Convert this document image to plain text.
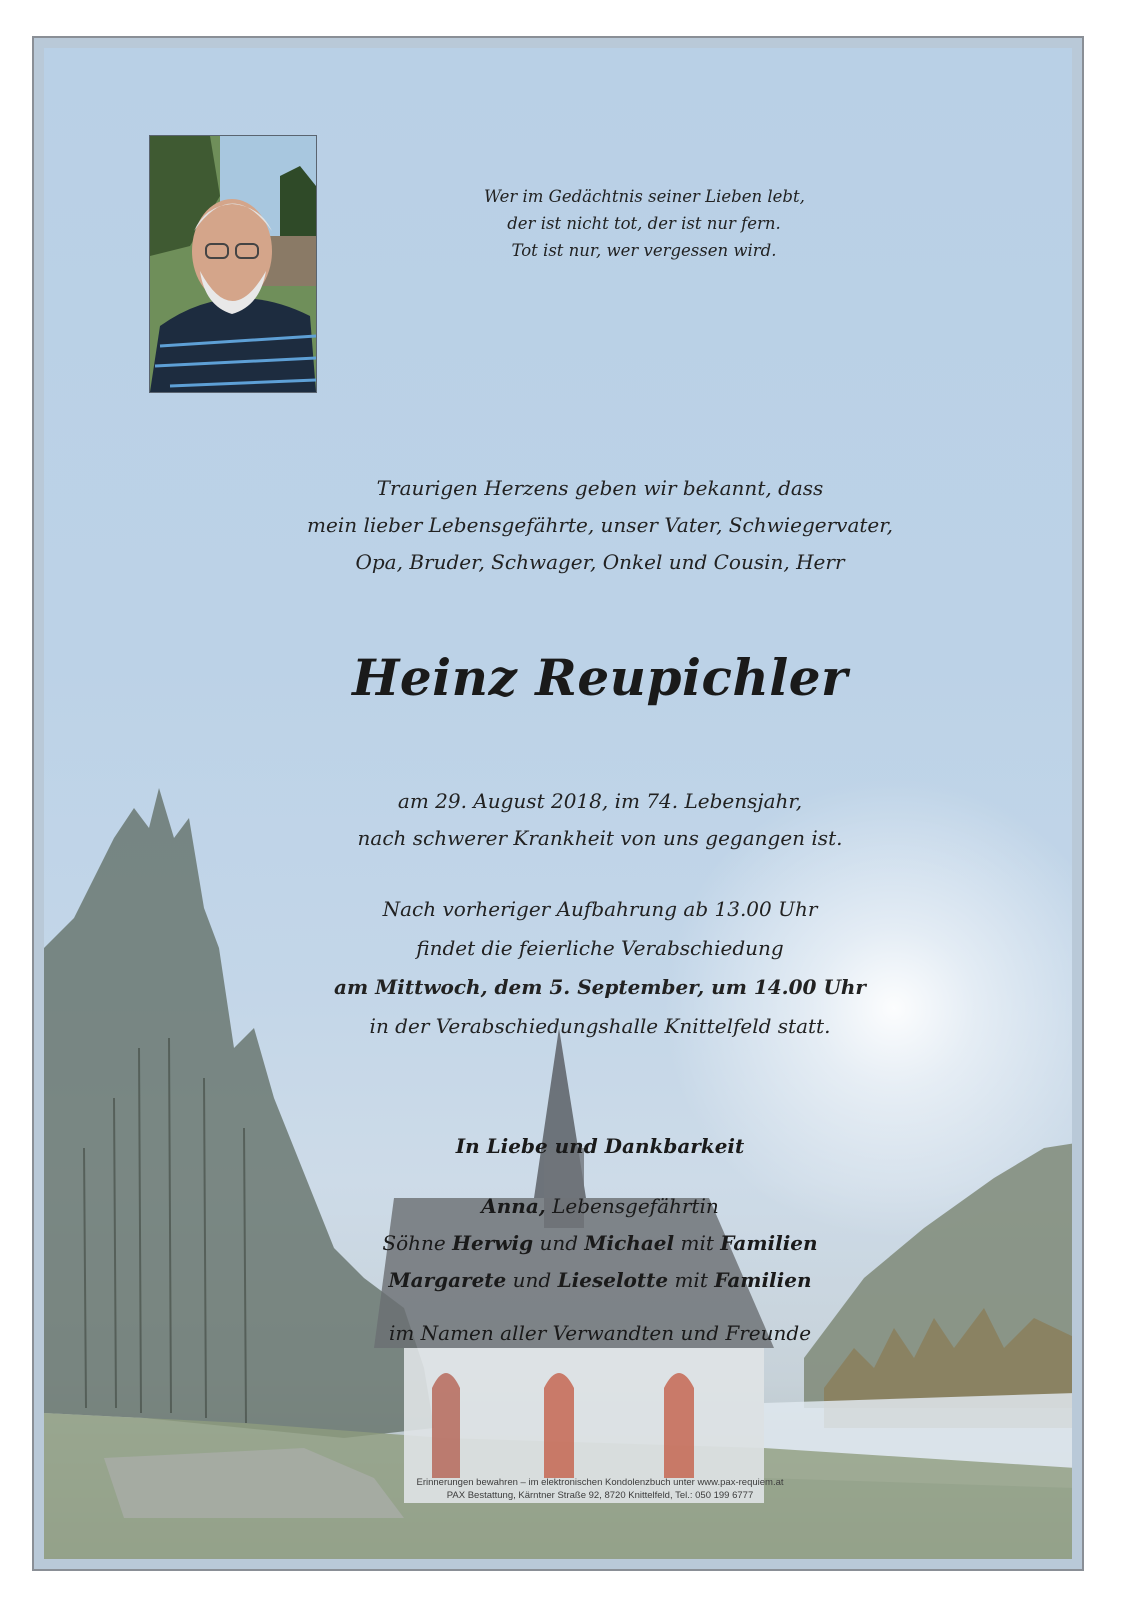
Wer im Gedächtnis seiner Lieben lebt,
der ist nicht tot, der ist nur fern.
Tot ist nur, wer vergessen wird.
Traurigen Herzens geben wir bekannt, dass
mein lieber Lebensgefährte, unser Vater, Schwiegervater,
Opa, Bruder, Schwager, Onkel und Cousin, Herr
Heinz Reupichler
am 29. August 2018, im 74. Lebensjahr,
nach schwerer Krankheit von uns gegangen ist.
Nach vorheriger Aufbahrung ab 13.00 Uhr
findet die feierliche Verabschiedung
am Mittwoch, dem 5. September, um 14.00 Uhr
in der Verabschiedungshalle Knittelfeld statt.
In Liebe und Dankbarkeit
Anna, Lebensgefährtin
Söhne Herwig und Michael mit Familien
Margarete und Lieselotte mit Familien
im Namen aller Verwandten und Freunde
Erinnerungen bewahren – im elektronischen Kondolenzbuch unter www.pax-requiem.at
PAX Bestattung, Kärntner Straße 92, 8720 Knittelfeld, Tel.: 050 199 6777
